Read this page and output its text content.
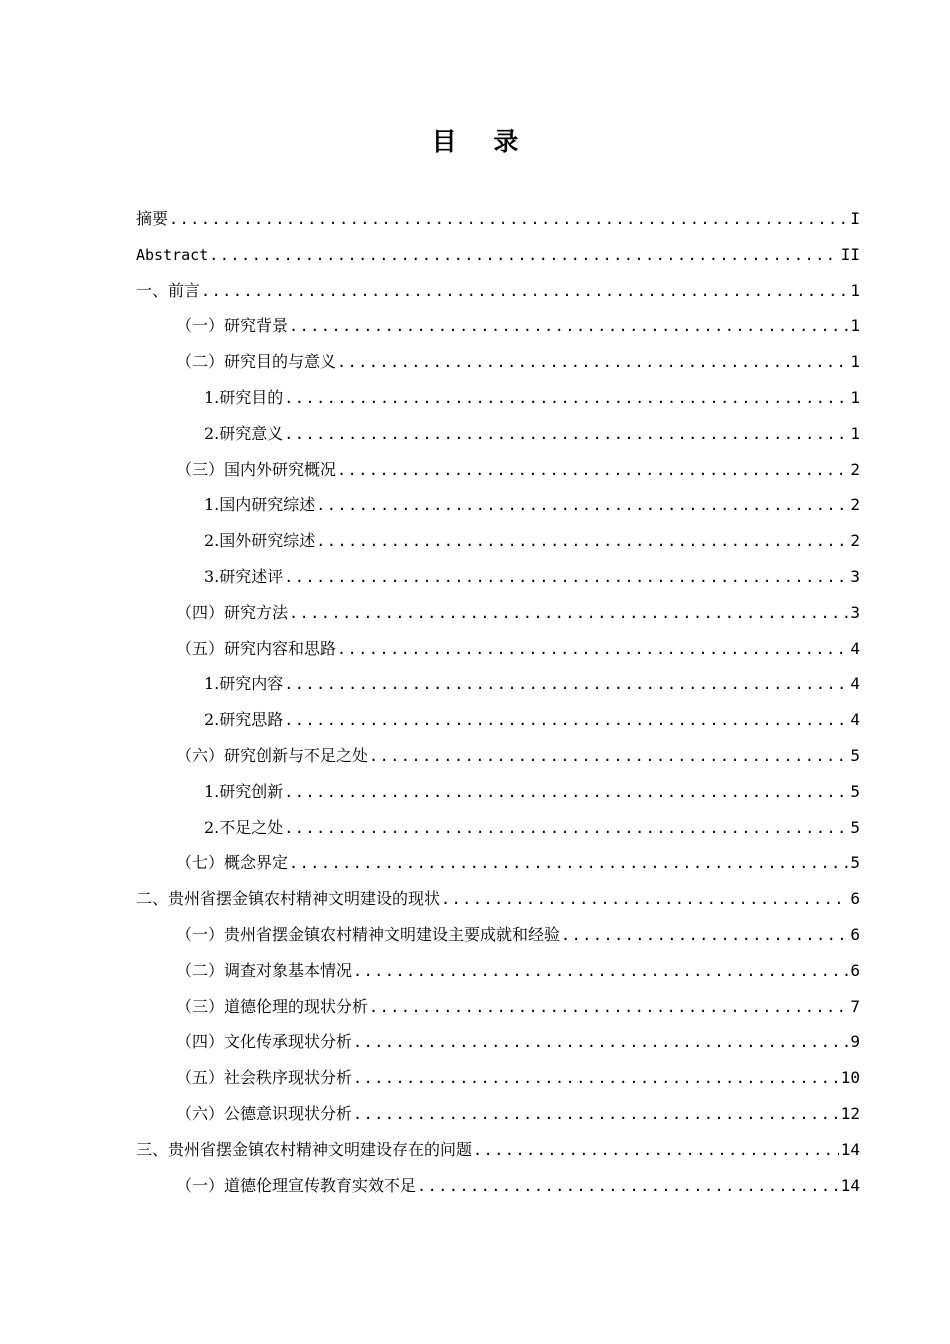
目 录
摘要 .....	I
Abstract .....	II
一、前言 .....	1
（一）研究背景 .....	1
（二）研究目的与意义 .....	1
1.研究目的 .....	1
2.研究意义 .....	1
（三）国内外研究概况 .....	2
1.国内研究综述 .....	2
2.国外研究综述 .....	2
3.研究述评 .....	3
（四）研究方法 .....	3
（五）研究内容和思路 .....	4
1.研究内容 .....	4
2.研究思路 .....	4
（六）研究创新与不足之处 .....	5
1.研究创新 .....	5
2.不足之处 .....	5
（七）概念界定 .....	5
二、贵州省摆金镇农村精神文明建设的现状 .....	6
（一）贵州省摆金镇农村精神文明建设主要成就和经验 .....	6
（二）调查对象基本情况 .....	6
（三）道德伦理的现状分析 .....	7
（四）文化传承现状分析 .....	9
（五）社会秩序现状分析 .....	10
（六）公德意识现状分析 .....	12
三、贵州省摆金镇农村精神文明建设存在的问题 .....	14
（一）道德伦理宣传教育实效不足 .....	14
